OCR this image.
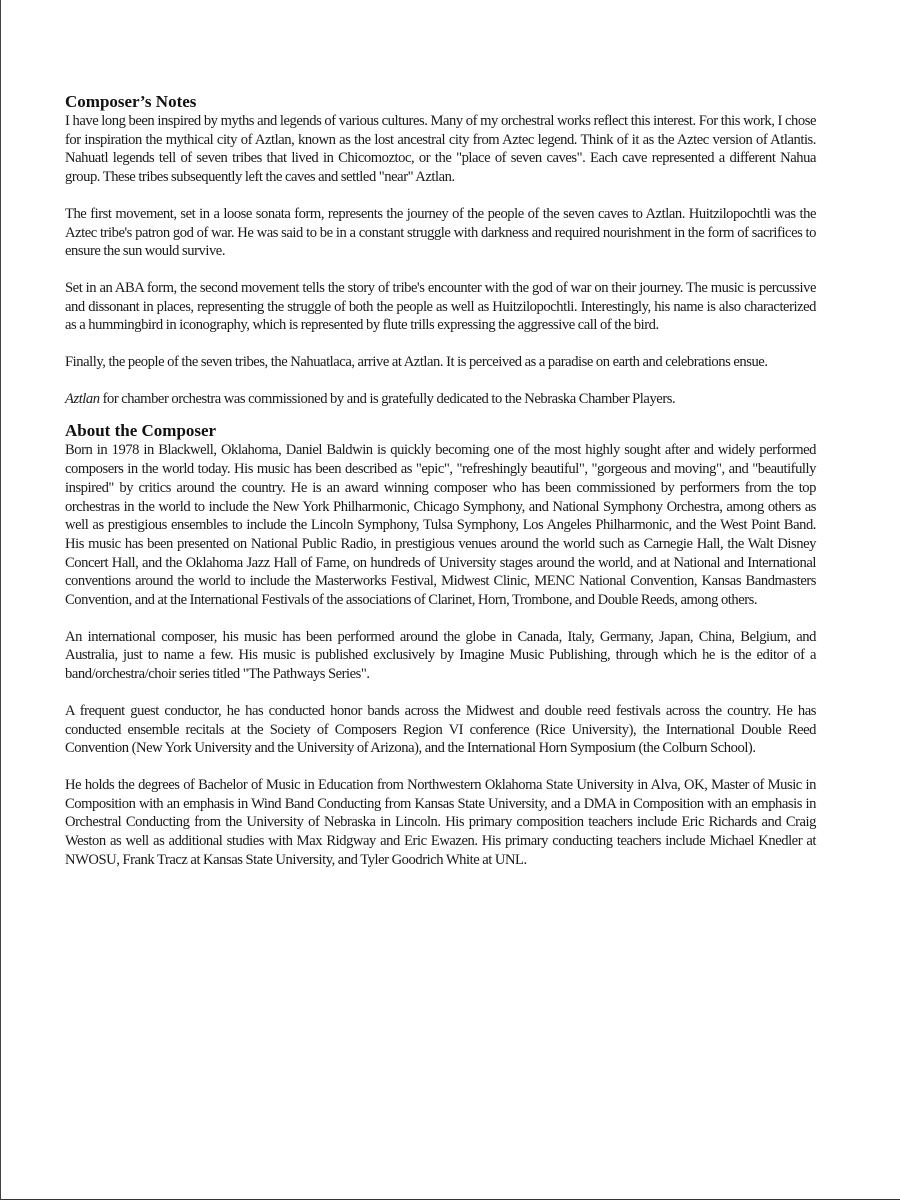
Composer’s Notes

I have long been inspired by myths and legends of various cultures. Many of my orchestral works reflect this interest. For this work, I chose for inspiration the mythical city of Aztlan, known as the lost ancestral city from Aztec legend. Think of it as the Aztec version of Atlantis. Nahuatl legends tell of seven tribes that lived in Chicomoztoc, or the "place of seven caves". Each cave represented a different Nahua group. These tribes subsequently left the caves and settled "near" Aztlan.

The first movement, set in a loose sonata form, represents the journey of the people of the seven caves to Aztlan. Huitzilopochtli was the Aztec tribe's patron god of war. He was said to be in a constant struggle with darkness and required nourishment in the form of sacrifices to ensure the sun would survive.

Set in an ABA form, the second movement tells the story of tribe's encounter with the god of war on their journey. The music is percussive and dissonant in places, representing the struggle of both the people as well as Huitzilopochtli. Interestingly, his name is also characterized as a hummingbird in iconography, which is represented by flute trills expressing the aggressive call of the bird.

Finally, the people of the seven tribes, the Nahuatlaca, arrive at Aztlan. It is perceived as a paradise on earth and celebrations ensue.

Aztlan for chamber orchestra was commissioned by and is gratefully dedicated to the Nebraska Chamber Players.

About the Composer

Born in 1978 in Blackwell, Oklahoma, Daniel Baldwin is quickly becoming one of the most highly sought after and widely performed composers in the world today. His music has been described as "epic", "refreshingly beautiful", "gorgeous and moving", and "beautifully inspired" by critics around the country. He is an award winning composer who has been commissioned by performers from the top orchestras in the world to include the New York Philharmonic, Chicago Symphony, and National Symphony Orchestra, among others as well as prestigious ensembles to include the Lincoln Symphony, Tulsa Symphony, Los Angeles Philharmonic, and the West Point Band. His music has been presented on National Public Radio, in prestigious venues around the world such as Carnegie Hall, the Walt Disney Concert Hall, and the Oklahoma Jazz Hall of Fame, on hundreds of University stages around the world, and at National and International conventions around the world to include the Masterworks Festival, Midwest Clinic, MENC National Convention, Kansas Bandmasters Convention, and at the International Festivals of the associations of Clarinet, Horn, Trombone, and Double Reeds, among others.

An international composer, his music has been performed around the globe in Canada, Italy, Germany, Japan, China, Belgium, and Australia, just to name a few. His music is published exclusively by Imagine Music Publishing, through which he is the editor of a band/orchestra/choir series titled "The Pathways Series".

A frequent guest conductor, he has conducted honor bands across the Midwest and double reed festivals across the country. He has conducted ensemble recitals at the Society of Composers Region VI conference (Rice University), the International Double Reed Convention (New York University and the University of Arizona), and the International Horn Symposium (the Colburn School).

He holds the degrees of Bachelor of Music in Education from Northwestern Oklahoma State University in Alva, OK, Master of Music in Composition with an emphasis in Wind Band Conducting from Kansas State University, and a DMA in Composition with an emphasis in Orchestral Conducting from the University of Nebraska in Lincoln. His primary composition teachers include Eric Richards and Craig Weston as well as additional studies with Max Ridgway and Eric Ewazen. His primary conducting teachers include Michael Knedler at NWOSU, Frank Tracz at Kansas State University, and Tyler Goodrich White at UNL.
